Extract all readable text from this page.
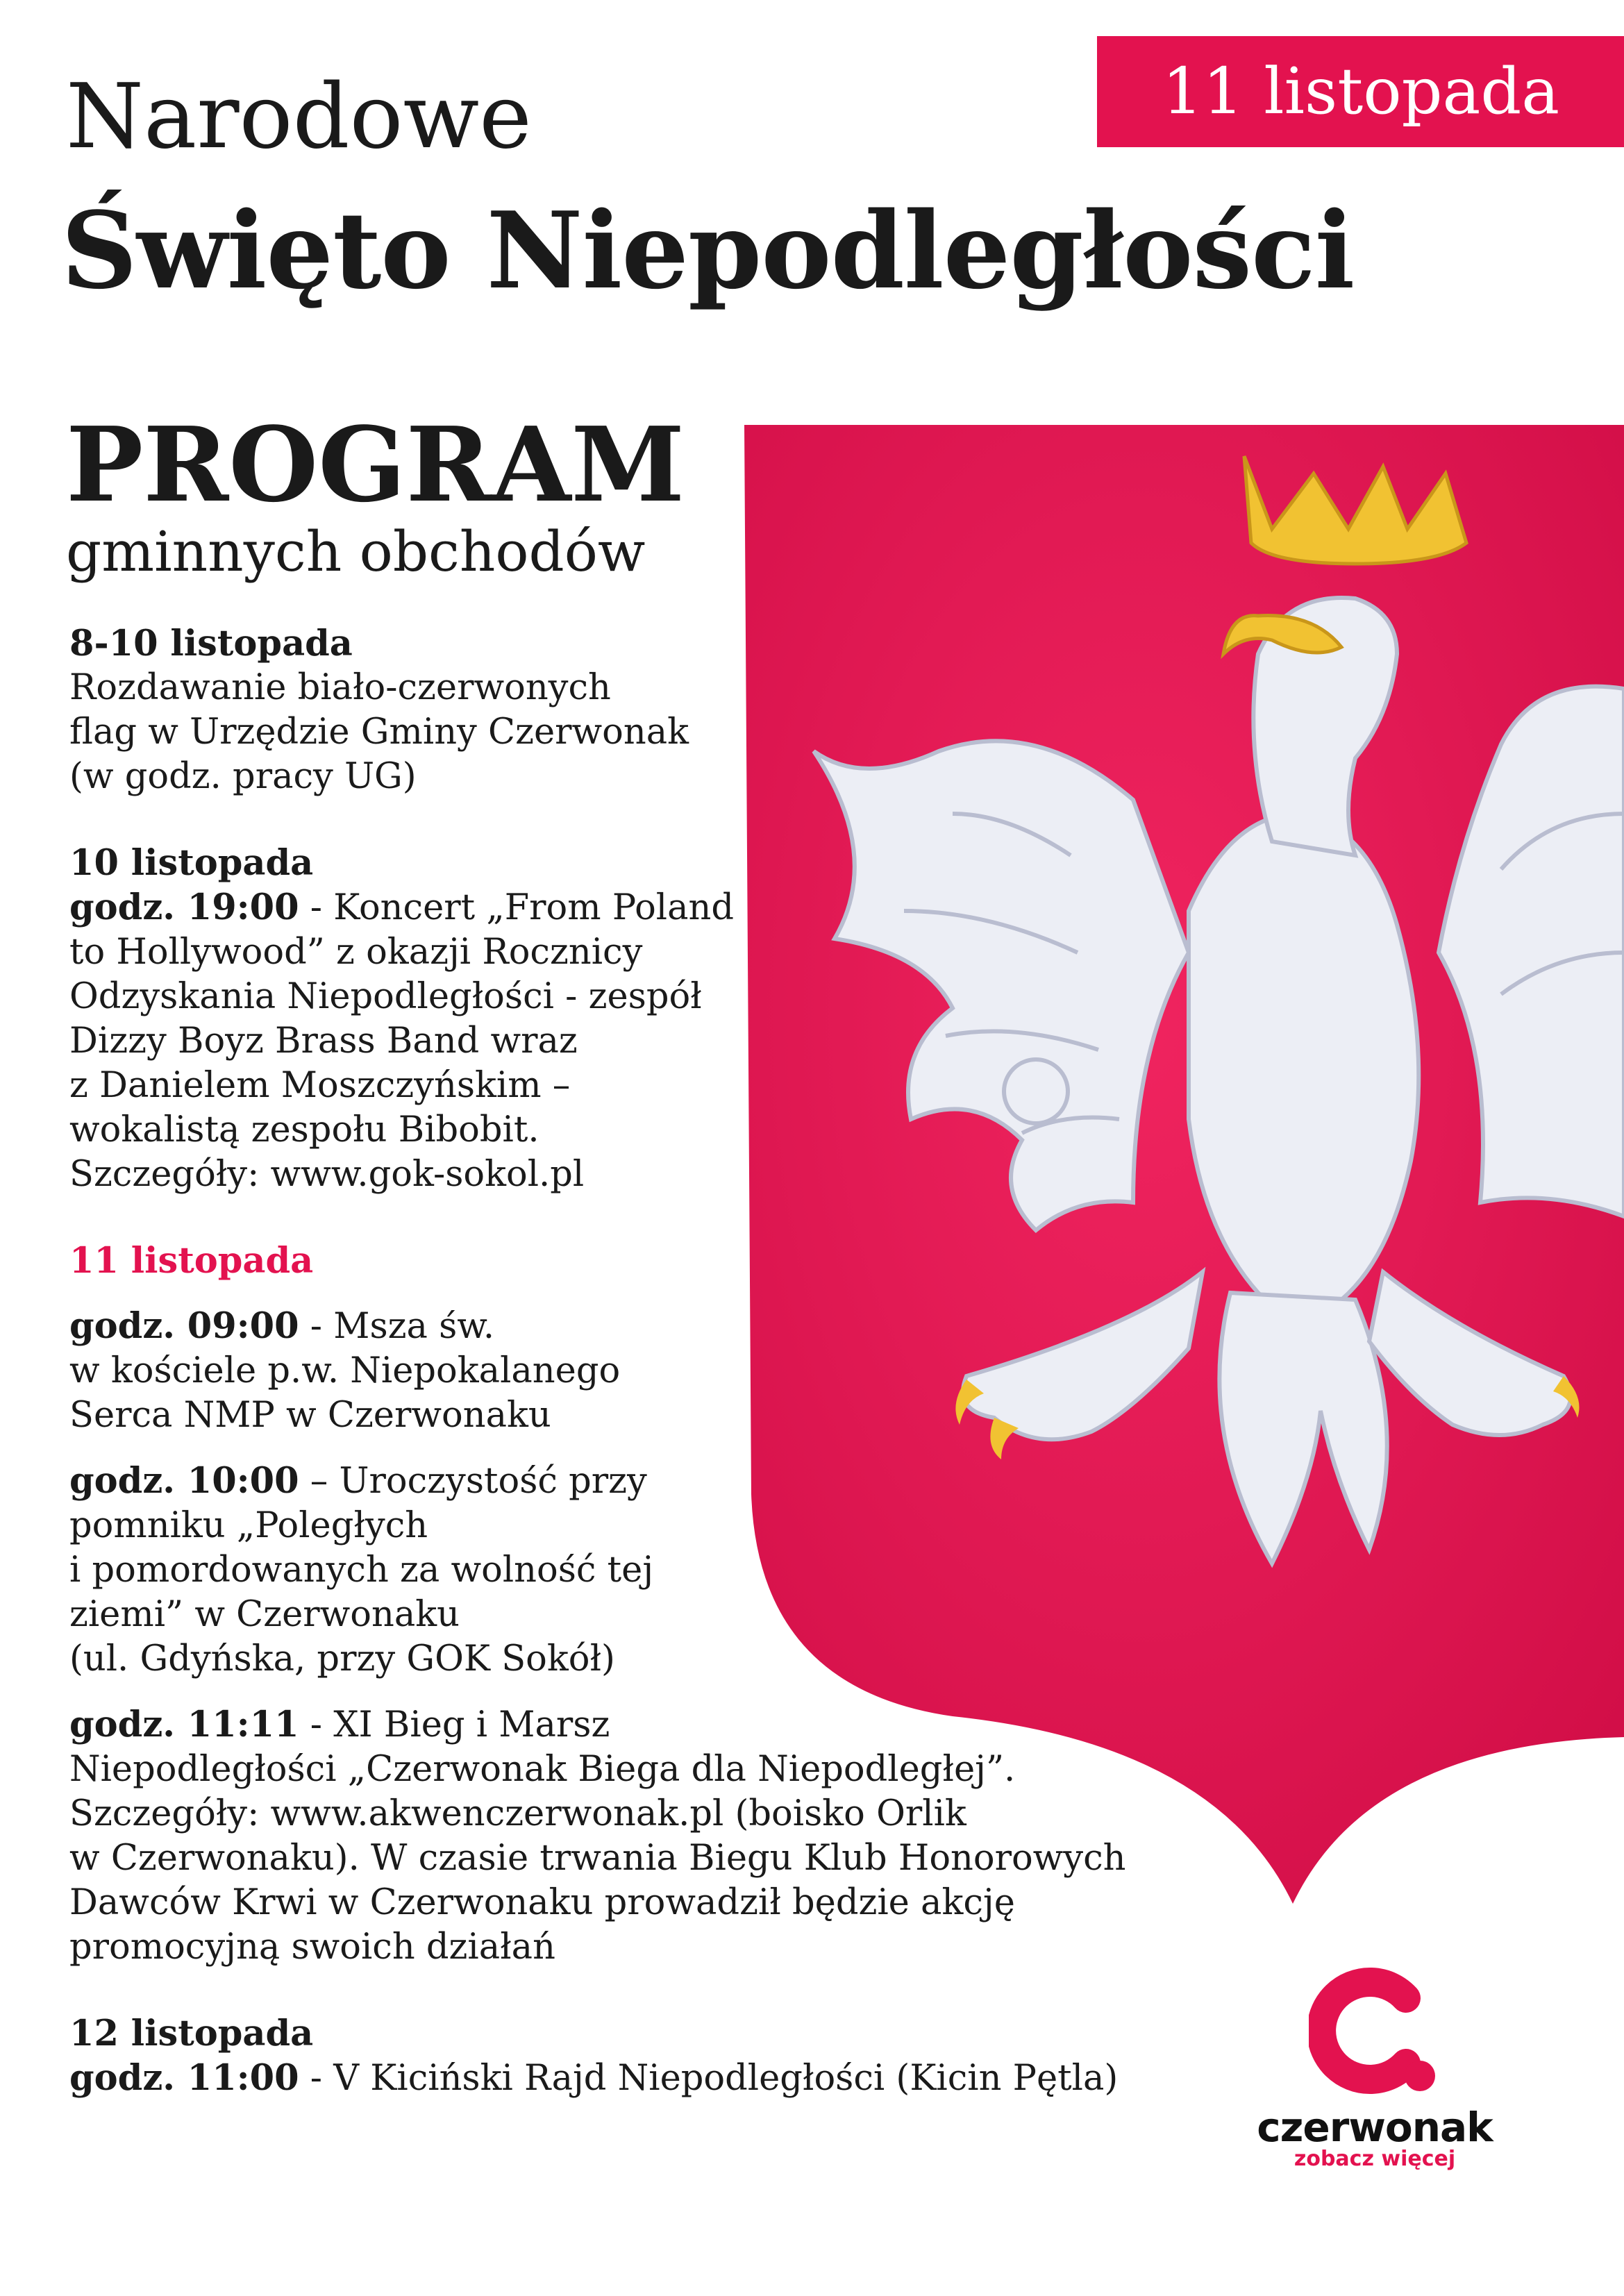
11 listopada
Narodowe
Święto Niepodległości
PROGRAM
gminnych obchodów

8-10 listopada

Rozdawanie biało-czerwonych

flag w Urzędzie Gminy Czerwonak

(w godz. pracy UG)

10 listopada

godz. 19:00 - Koncert „From Poland

to Hollywood” z okazji Rocznicy

Odzyskania Niepodległości - zespół

Dizzy Boyz Brass Band wraz

z Danielem Moszczyńskim –

wokalistą zespołu Bibobit.

Szczegóły: www.gok-sokol.pl

11 listopada

godz. 09:00 - Msza św.

w kościele p.w. Niepokalanego

Serca NMP w Czerwonaku

godz. 10:00 – Uroczystość przy

pomniku „Poległych

i pomordowanych za wolność tej

ziemi” w Czerwonaku

(ul. Gdyńska, przy GOK Sokół)

godz. 11:11 - XI Bieg i Marsz

Niepodległości „Czerwonak Biega dla Niepodległej”.

Szczegóły: www.akwenczerwonak.pl (boisko Orlik

w Czerwonaku). W czasie trwania Biegu Klub Honorowych

Dawców Krwi w Czerwonaku prowadził będzie akcję

promocyjną swoich działań

12 listopada

godz. 11:00 - V Kiciński Rajd Niepodległości (Kicin Pętla)

czerwonak
zobacz więcej
